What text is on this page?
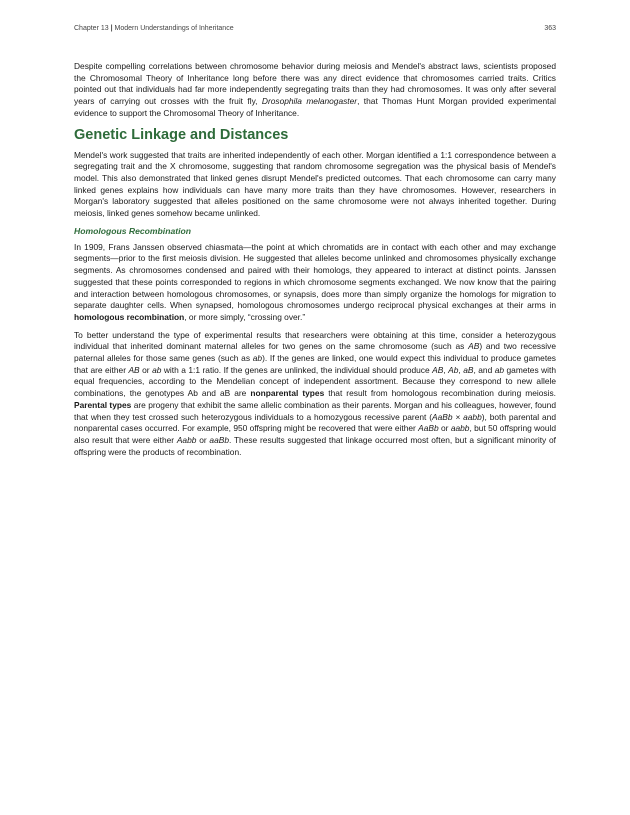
Chapter 13 | Modern Understandings of Inheritance	363

Despite compelling correlations between chromosome behavior during meiosis and Mendel's abstract laws, scientists proposed the Chromosomal Theory of Inheritance long before there was any direct evidence that chromosomes carried traits. Critics pointed out that individuals had far more independently segregating traits than they had chromosomes. It was only after several years of carrying out crosses with the fruit fly, Drosophila melanogaster, that Thomas Hunt Morgan provided experimental evidence to support the Chromosomal Theory of Inheritance.

Genetic Linkage and Distances

Mendel's work suggested that traits are inherited independently of each other. Morgan identified a 1:1 correspondence between a segregating trait and the X chromosome, suggesting that random chromosome segregation was the physical basis of Mendel's model. This also demonstrated that linked genes disrupt Mendel's predicted outcomes. That each chromosome can carry many linked genes explains how individuals can have many more traits than they have chromosomes. However, researchers in Morgan's laboratory suggested that alleles positioned on the same chromosome were not always inherited together. During meiosis, linked genes somehow became unlinked.

Homologous Recombination

In 1909, Frans Janssen observed chiasmata—the point at which chromatids are in contact with each other and may exchange segments—prior to the first meiosis division. He suggested that alleles become unlinked and chromosomes physically exchange segments. As chromosomes condensed and paired with their homologs, they appeared to interact at distinct points. Janssen suggested that these points corresponded to regions in which chromosome segments exchanged. We now know that the pairing and interaction between homologous chromosomes, or synapsis, does more than simply organize the homologs for migration to separate daughter cells. When synapsed, homologous chromosomes undergo reciprocal physical exchanges at their arms in homologous recombination, or more simply, “crossing over.”

To better understand the type of experimental results that researchers were obtaining at this time, consider a heterozygous individual that inherited dominant maternal alleles for two genes on the same chromosome (such as AB) and two recessive paternal alleles for those same genes (such as ab). If the genes are linked, one would expect this individual to produce gametes that are either AB or ab with a 1:1 ratio. If the genes are unlinked, the individual should produce AB, Ab, aB, and ab gametes with equal frequencies, according to the Mendelian concept of independent assortment. Because they correspond to new allele combinations, the genotypes Ab and aB are nonparental types that result from homologous recombination during meiosis. Parental types are progeny that exhibit the same allelic combination as their parents. Morgan and his colleagues, however, found that when they test crossed such heterozygous individuals to a homozygous recessive parent (AaBb × aabb), both parental and nonparental cases occurred. For example, 950 offspring might be recovered that were either AaBb or aabb, but 50 offspring would also result that were either Aabb or aaBb. These results suggested that linkage occurred most often, but a significant minority of offspring were the products of recombination.
